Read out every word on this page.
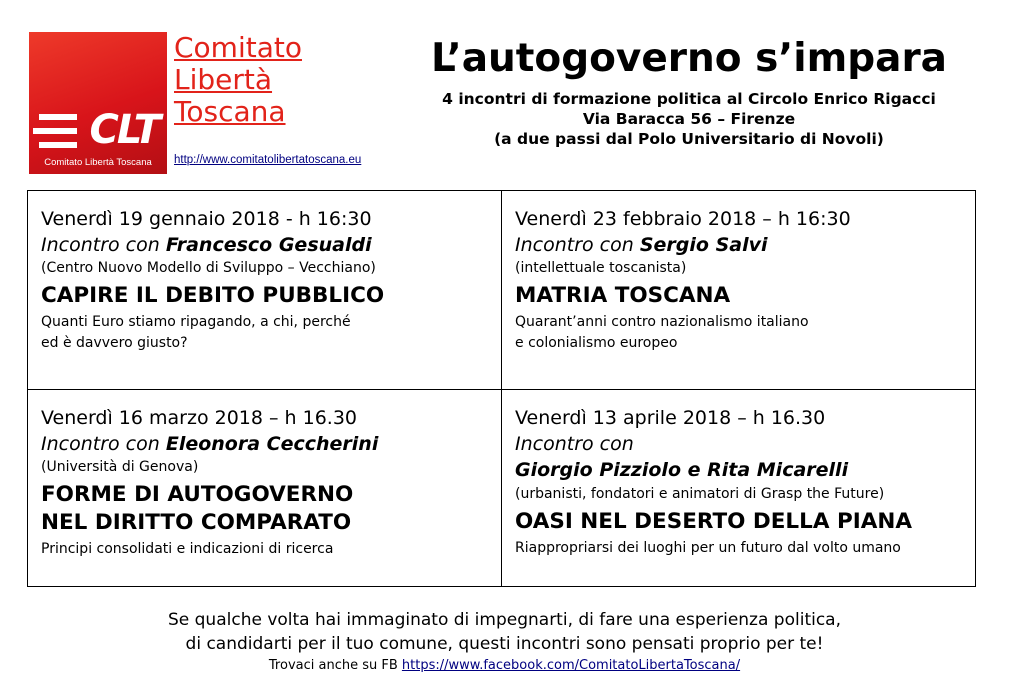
CLT
Comitato Libertà Toscana
Comitato
Libertà
Toscana
http://www.comitatolibertatoscana.eu
L’autogoverno s’impara
4 incontri di formazione politica al Circolo Enrico Rigacci
Via Baracca 56 – Firenze
(a due passi dal Polo Universitario di Novoli)
Venerdì 19 gennaio 2018 - h 16:30
Incontro con Francesco Gesualdi
(Centro Nuovo Modello di Sviluppo – Vecchiano)
CAPIRE IL DEBITO PUBBLICO
Quanti Euro stiamo ripagando, a chi, perché
ed è davvero giusto?
Venerdì 23 febbraio 2018 – h 16:30
Incontro con Sergio Salvi
(intellettuale toscanista)
MATRIA TOSCANA
Quarant’anni contro nazionalismo italiano
e colonialismo europeo
Venerdì 16 marzo 2018 – h 16.30
Incontro con Eleonora Ceccherini
(Università di Genova)
FORME DI AUTOGOVERNO
NEL DIRITTO COMPARATO
Principi consolidati e indicazioni di ricerca
Venerdì 13 aprile 2018 – h 16.30
Incontro con
Giorgio Pizziolo e Rita Micarelli
(urbanisti, fondatori e animatori di Grasp the Future)
OASI NEL DESERTO DELLA PIANA
Riappropriarsi dei luoghi per un futuro dal volto umano
Se qualche volta hai immaginato di impegnarti, di fare una esperienza politica,
di candidarti per il tuo comune, questi incontri sono pensati proprio per te!
Trovaci anche su FB https://www.facebook.com/ComitatoLibertaToscana/
